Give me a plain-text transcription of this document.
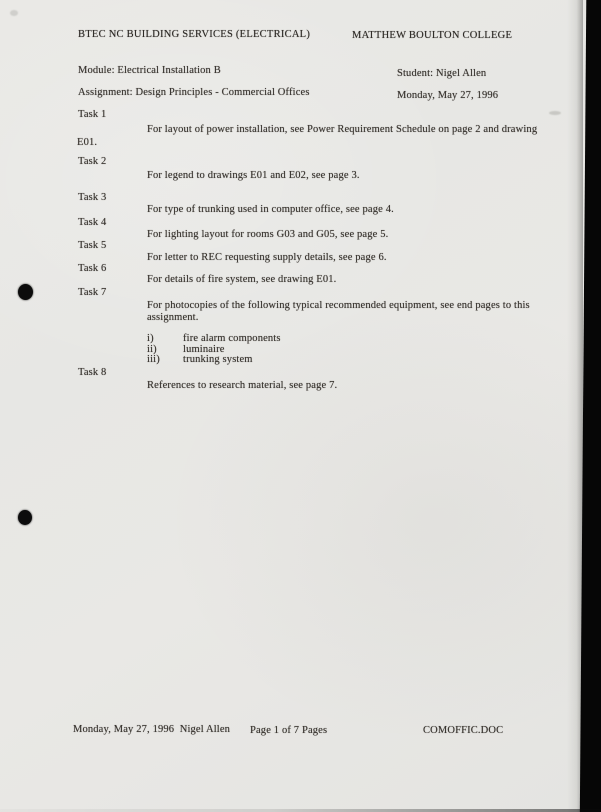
BTEC NC BUILDING SERVICES (ELECTRICAL)	MATTHEW BOULTON COLLEGE
Module: Electrical Installation B	Student: Nigel Allen
Assignment: Design Principles - Commercial Offices	Monday, May 27, 1996
Task 1
For layout of power installation, see Power Requirement Schedule on page 2 and drawing
E01.
Task 2
For legend to drawings E01 and E02, see page 3.
Task 3
For type of trunking used in computer office, see page 4.
Task 4
For lighting layout for rooms G03 and G05, see page 5.
Task 5
For letter to REC requesting supply details, see page 6.
Task 6
For details of fire system, see drawing E01.
Task 7
For photocopies of the following typical recommended equipment, see end pages to this
assignment.
i)	fire alarm components
ii) luminaire
iii) trunking system
Task 8
References to research material, see page 7.
Monday, May 27, 1996  Nigel Allen Page 1 of 7 Pages	COMOFFIC.DOC
